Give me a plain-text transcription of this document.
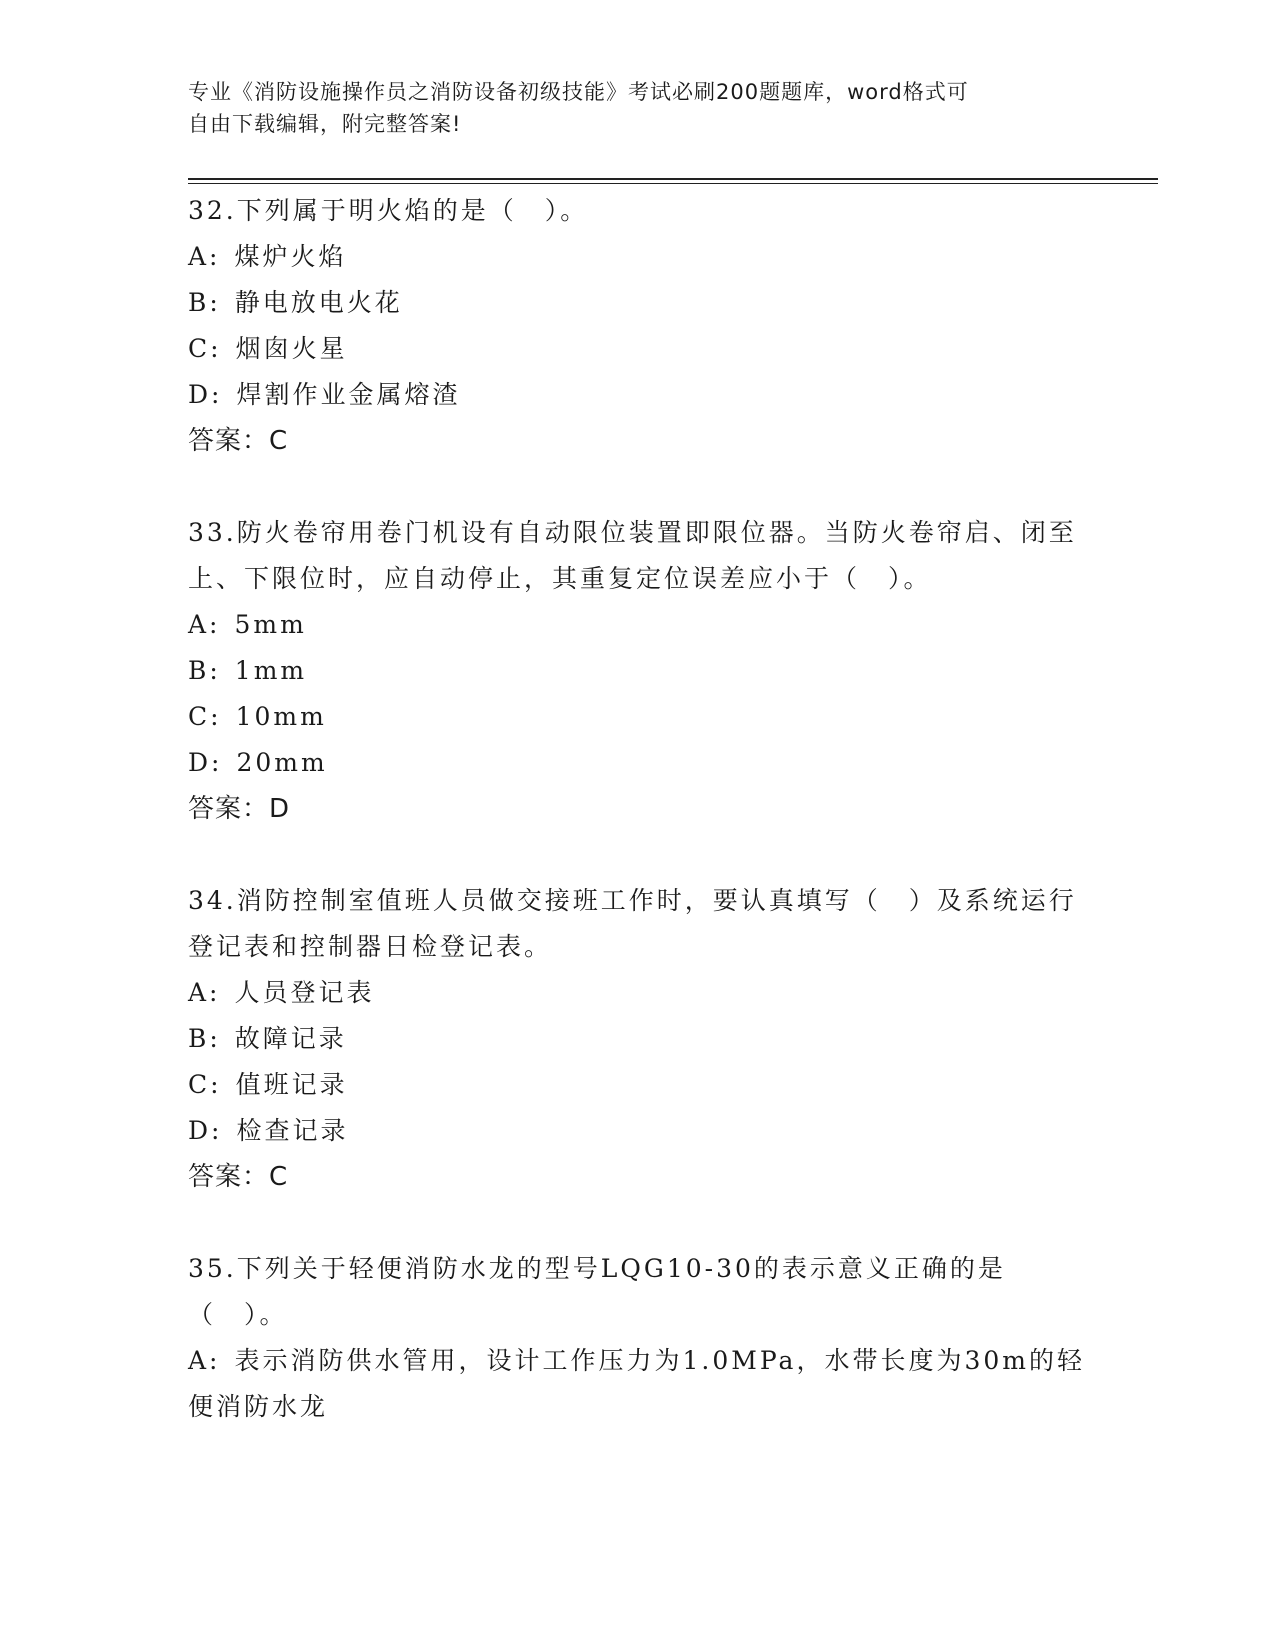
专业《消防设施操作员之消防设备初级技能》考试必刷200题题库，word格式可
自由下载编辑，附完整答案!
32.下列属于明火焰的是（　）。
A: 煤炉火焰
B: 静电放电火花
C: 烟囱火星
D: 焊割作业金属熔渣
答案：C
33.防火卷帘用卷门机设有自动限位装置即限位器。当防火卷帘启、闭至上、下限位时，应自动停止，其重复定位误差应小于（　）。
A: 5mm
B: 1mm
C: 10mm
D: 20mm
答案：D
34.消防控制室值班人员做交接班工作时，要认真填写（　）及系统运行登记表和控制器日检登记表。
A: 人员登记表
B: 故障记录
C: 值班记录
D: 检查记录
答案：C
35.下列关于轻便消防水龙的型号LQG10-30的表示意义正确的是（　）。
A: 表示消防供水管用，设计工作压力为1.0MPa，水带长度为30m的轻便消防水龙
